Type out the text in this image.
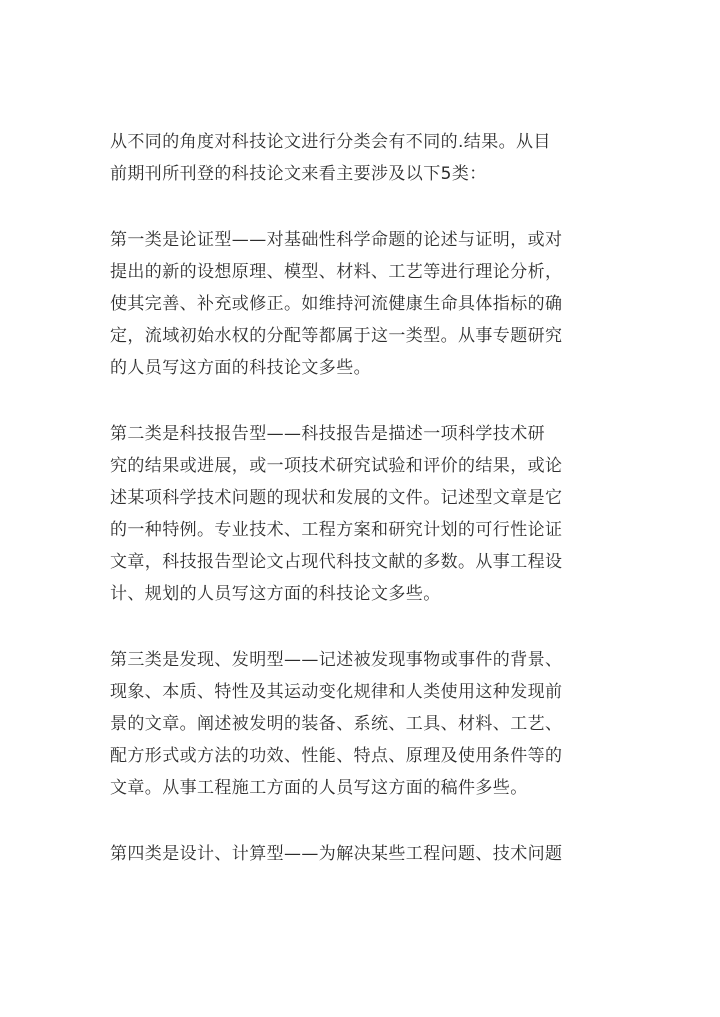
从不同的角度对科技论文进行分类会有不同的.结果。从目
前期刊所刊登的科技论文来看主要涉及以下5类：

第一类是论证型——对基础性科学命题的论述与证明，或对
提出的新的设想原理、模型、材料、工艺等进行理论分析，
使其完善、补充或修正。如维持河流健康生命具体指标的确
定，流域初始水权的分配等都属于这一类型。从事专题研究
的人员写这方面的科技论文多些。

第二类是科技报告型——科技报告是描述一项科学技术研
究的结果或进展，或一项技术研究试验和评价的结果，或论
述某项科学技术问题的现状和发展的文件。记述型文章是它
的一种特例。专业技术、工程方案和研究计划的可行性论证
文章，科技报告型论文占现代科技文献的多数。从事工程设
计、规划的人员写这方面的科技论文多些。

第三类是发现、发明型——记述被发现事物或事件的背景、
现象、本质、特性及其运动变化规律和人类使用这种发现前
景的文章。阐述被发明的装备、系统、工具、材料、工艺、
配方形式或方法的功效、性能、特点、原理及使用条件等的
文章。从事工程施工方面的人员写这方面的稿件多些。

第四类是设计、计算型——为解决某些工程问题、技术问题
